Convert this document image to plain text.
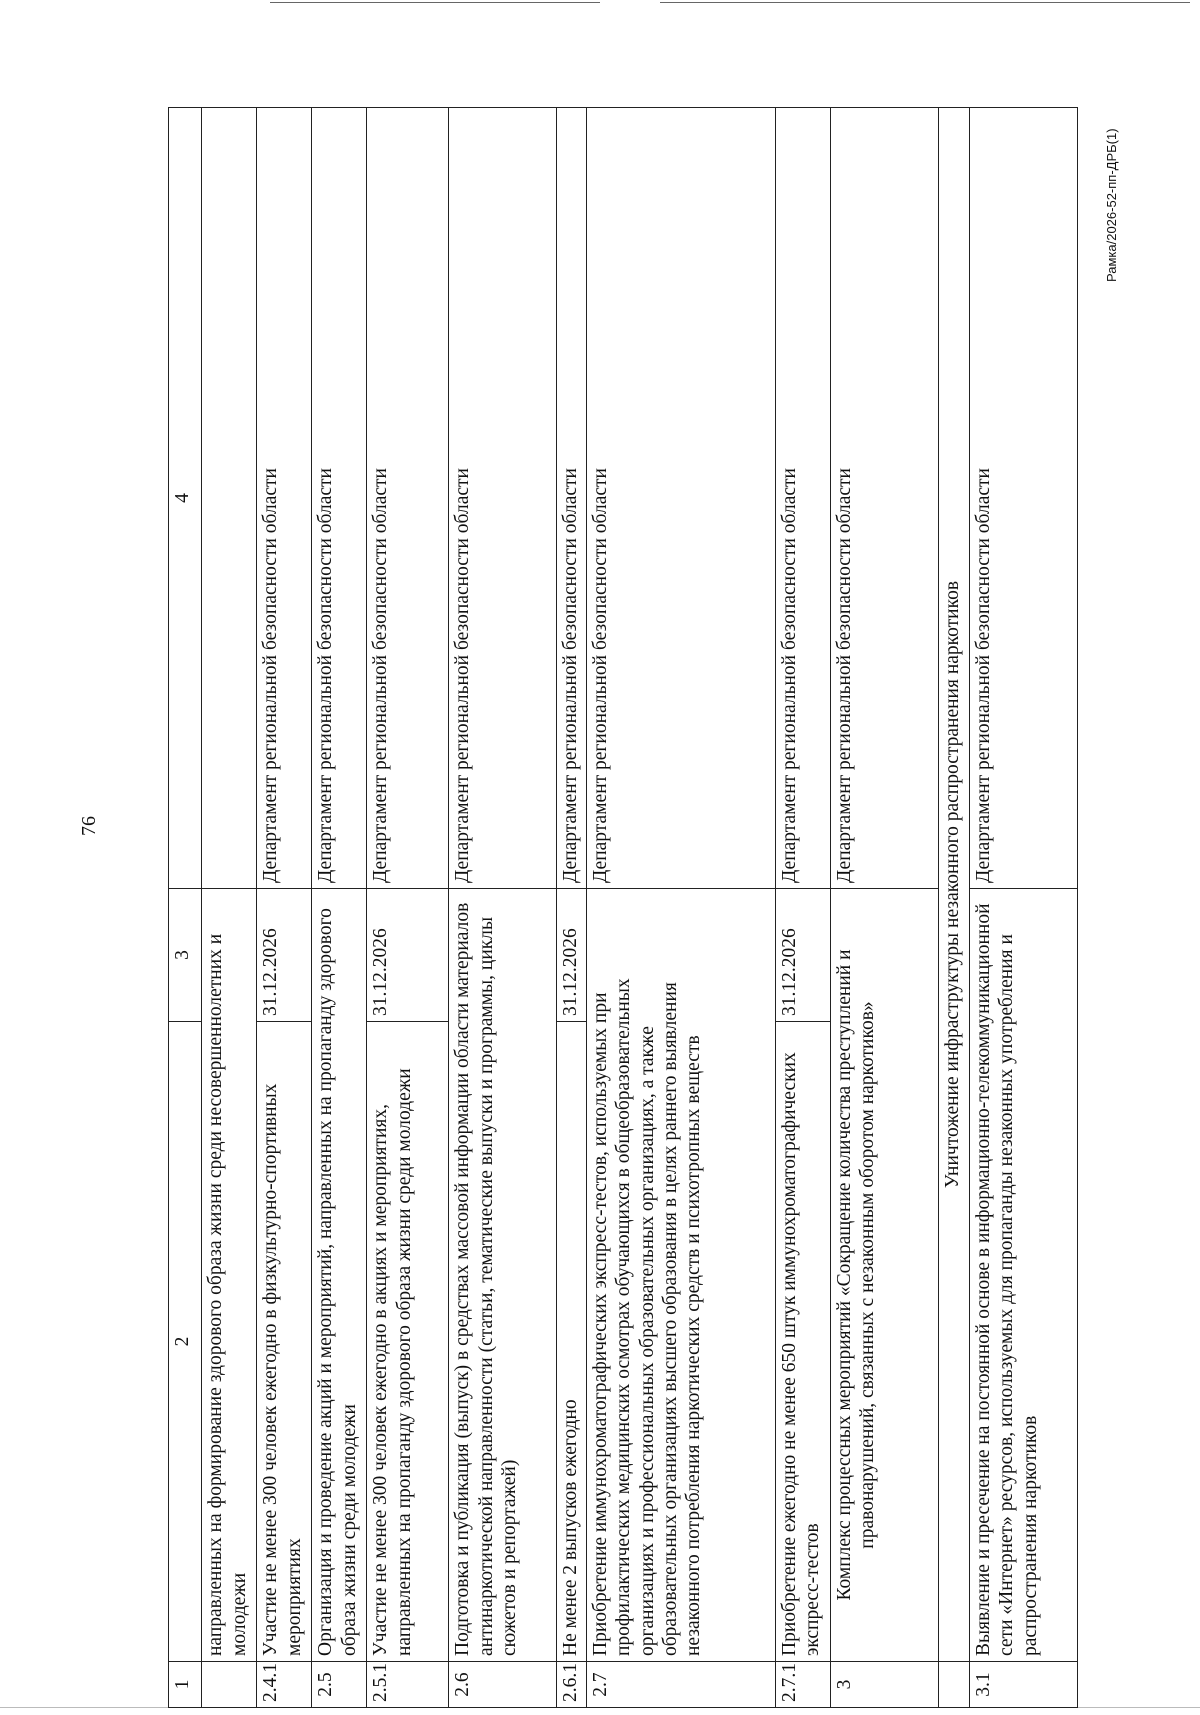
76
Рамка/2026-52-пп-ДРБ(1)
1	2	3	4
	направленных на формирование здорового образа жизни среди несовершеннолетних и молодежи		
2.4.1	Участие не менее 300 человек ежегодно в физкультурно-спортивных мероприятиях	31.12.2026	Департамент региональной безопасности области
2.5	Организация и проведение акций и мероприятий, направленных на пропаганду здорового образа жизни среди молодежи		Департамент региональной безопасности области
2.5.1	Участие не менее 300 человек ежегодно в акциях и мероприятиях, направленных на пропаганду здорового образа жизни среди молодежи	31.12.2026	Департамент региональной безопасности области
2.6	Подготовка и публикация (выпуск) в средствах массовой информации области материалов антинаркотической направленности (статьи, тематические выпуски и программы, циклы сюжетов и репортажей)		Департамент региональной безопасности области
2.6.1	Не менее 2 выпусков ежегодно	31.12.2026	Департамент региональной безопасности области
2.7	Приобретение иммунохроматографических экспресс-тестов, используемых при профилактических медицинских осмотрах обучающихся в общеобразовательных организациях и профессиональных образовательных организациях, а также образовательных организациях высшего образования в целях раннего выявления незаконного потребления наркотических средств и психотропных веществ		Департамент региональной безопасности области
2.7.1	Приобретение ежегодно не менее 650 штук иммунохроматографических экспресс-тестов	31.12.2026	Департамент региональной безопасности области
3	Комплекс процессных мероприятий «Сокращение количества преступлений и правонарушений, связанных с незаконным оборотом наркотиков»		Департамент региональной безопасности области
	Уничтожение инфраструктуры незаконного распространения наркотиков		
3.1	Выявление и пресечение на постоянной основе в информационно-телекоммуникационной сети «Интернет» ресурсов, используемых для пропаганды незаконных употребления и распространения наркотиков		Департамент региональной безопасности области
